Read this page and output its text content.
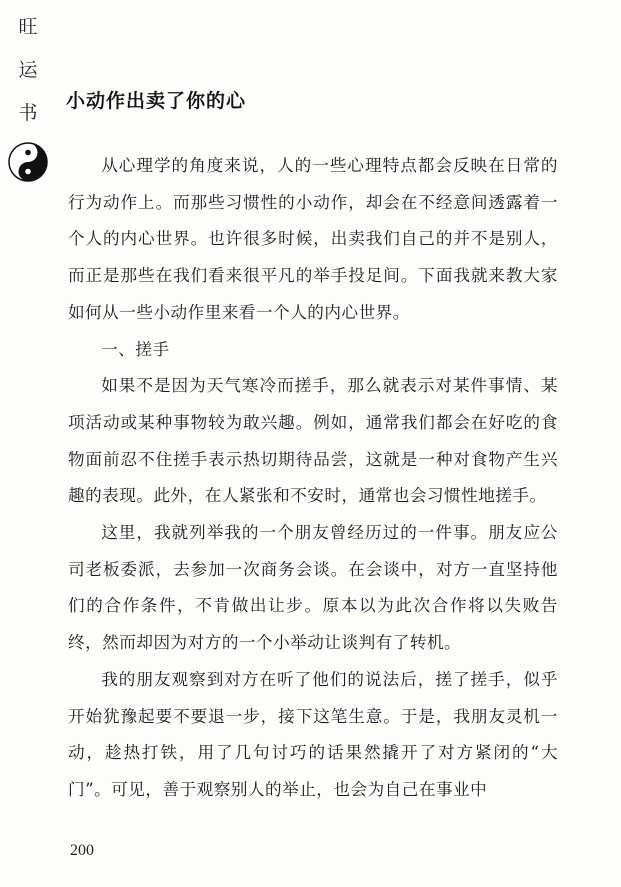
旺
运
书
小动作出卖了你的心

从心理学的角度来说，人的一些心理特点都会反映在日常的行为动作上。而那些习惯性的小动作，却会在不经意间透露着一个人的内心世界。也许很多时候，出卖我们自己的并不是别人，而正是那些在我们看来很平凡的举手投足间。下面我就来教大家如何从一些小动作里来看一个人的内心世界。

一、搓手

如果不是因为天气寒冷而搓手，那么就表示对某件事情、某项活动或某种事物较为敢兴趣。例如，通常我们都会在好吃的食物面前忍不住搓手表示热切期待品尝，这就是一种对食物产生兴趣的表现。此外，在人紧张和不安时，通常也会习惯性地搓手。

这里，我就列举我的一个朋友曾经历过的一件事。朋友应公司老板委派，去参加一次商务会谈。在会谈中，对方一直坚持他们的合作条件，不肯做出让步。原本以为此次合作将以失败告终，然而却因为对方的一个小举动让谈判有了转机。

我的朋友观察到对方在听了他们的说法后，搓了搓手，似乎开始犹豫起要不要退一步，接下这笔生意。于是，我朋友灵机一动，趁热打铁，用了几句讨巧的话果然撬开了对方紧闭的“大门”。可见，善于观察别人的举止，也会为自己在事业中

200
